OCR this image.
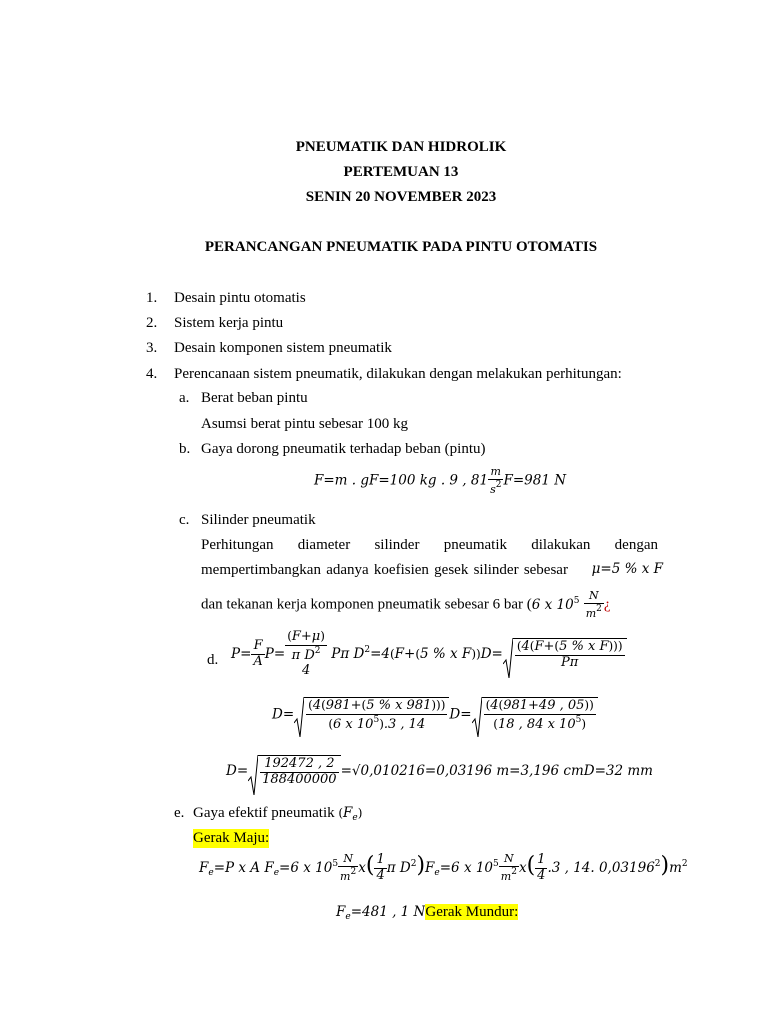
PNEUMATIK DAN HIDROLIK
PERTEMUAN 13
SENIN 20 NOVEMBER 2023
PERANCANGAN PNEUMATIK PADA PINTU OTOMATIS
1. Desain pintu otomatis
2. Sistem kerja pintu
3. Desain komponen sistem pneumatik
4. Perencanaan sistem pneumatik, dilakukan dengan melakukan perhitungan:
a. Berat beban pintu
Asumsi berat pintu sebesar 100 kg
b. Gaya dorong pneumatik terhadap beban (pintu)
F=m . gF=100 kg . 9 , $81 \frac{m}{s^2} F=981$ N
c. Silinder pneumatik
Perhitungan diameter silinder pneumatik dilakukan dengan
mempertimbangkan adanya koefisien gesek silinder sebesar μ=5 % x F
dan tekanan kerja komponen pneumatik sebesar 6 bar (6 x $10^5 \frac{N}{m^2}$ ¿
d. $P= \frac{F}{A} P=$
(F+μ)
π $D^2$
4
Pπ $D^2=4(F+(5$ % x $F))D= \frac{\text{(4(F+(5 \% x F)))}}{P\pi}$
$D= \frac{(4(981+(5 \% x 981)))}{(6 x 10^5).3 , 14} D= \frac{(4(981+49 , 05))}{(18 , 84 x 10^5)}$
$D= \frac{192472 , 2}{188400000} =√0,010216=0,03196$ m=3,196 cmD=32 mm
e. Gaya efektif pneumatik $(F_e)$
Gerak Maju:
$F_e=P$ x A $F_e=6$ x $10^5 \frac{N}{m^2} x( \frac{1}{4}$ π $D^2)F_e=6$ x $10^5 \frac{N}{m^2} x( \frac{1}{4} .3$ , 14. $0,03196^2)m^2$
$F_e=481$ , 1 NGerak Mundur:
